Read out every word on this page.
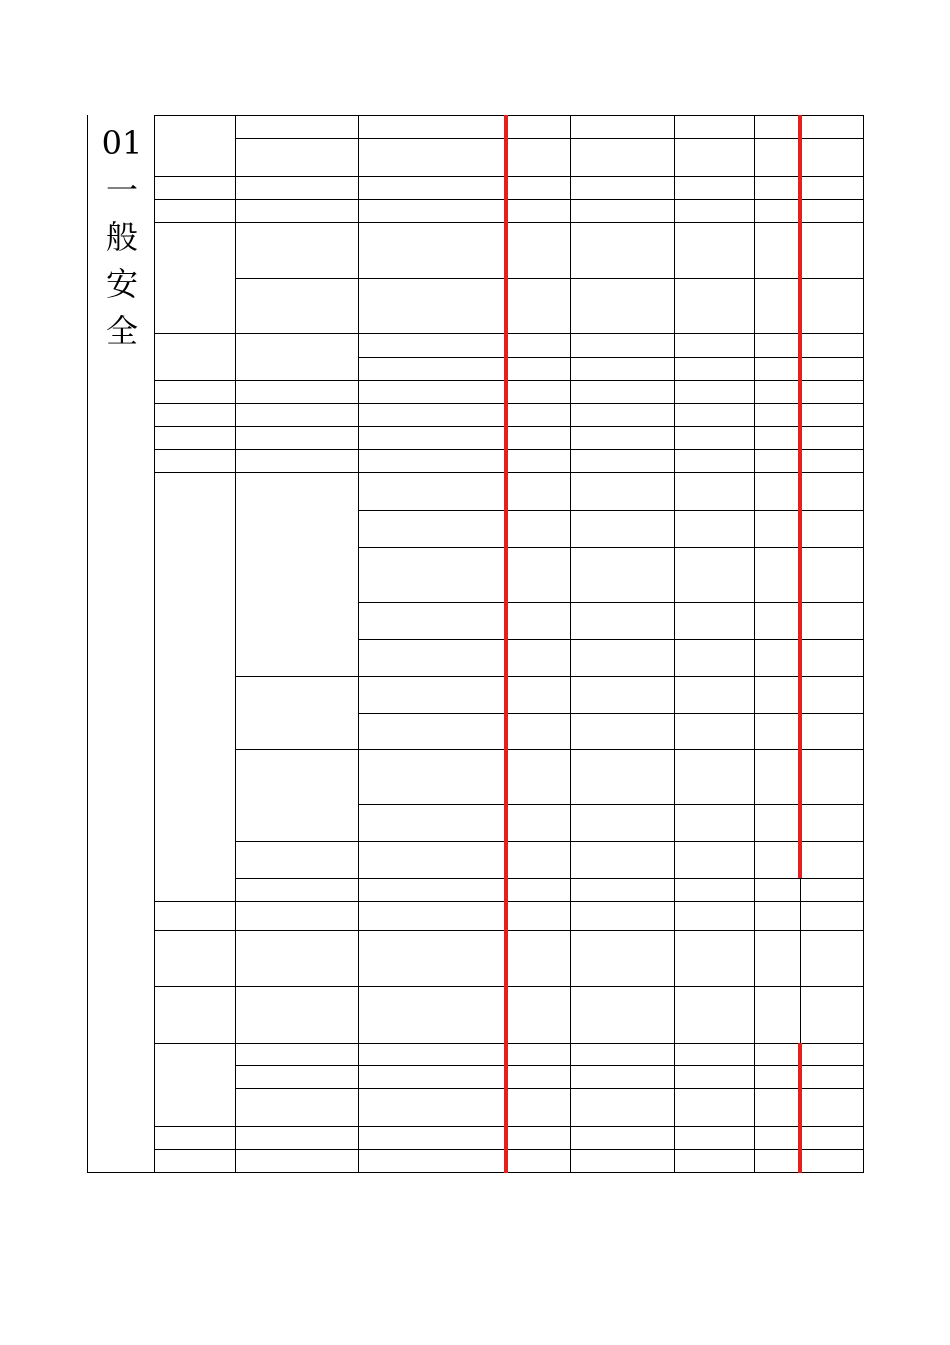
01
一
般
安
全
